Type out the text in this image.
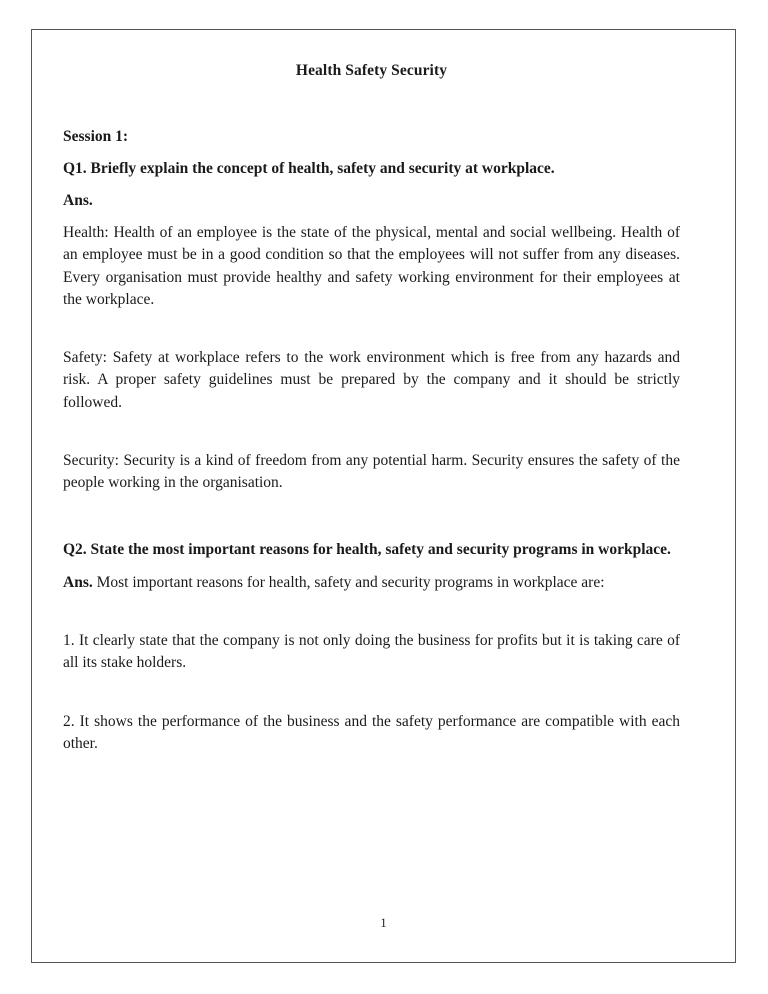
Health Safety Security
Session 1:
Q1. Briefly explain the concept of health, safety and security at workplace.
Ans.
Health: Health of an employee is the state of the physical, mental and social wellbeing. Health of an employee must be in a good condition so that the employees will not suffer from any diseases. Every organisation must provide healthy and safety working environment for their employees at the workplace.
Safety: Safety at workplace refers to the work environment which is free from any hazards and risk. A proper safety guidelines must be prepared by the company and it should be strictly followed.
Security: Security is a kind of freedom from any potential harm. Security ensures the safety of the people working in the organisation.
Q2. State the most important reasons for health, safety and security programs in workplace.
Ans. Most important reasons for health, safety and security programs in workplace are:
1. It clearly state that the company is not only doing the business for profits but it is taking care of all its stake holders.
2. It shows the performance of the business and the safety performance are compatible with each other.
1
